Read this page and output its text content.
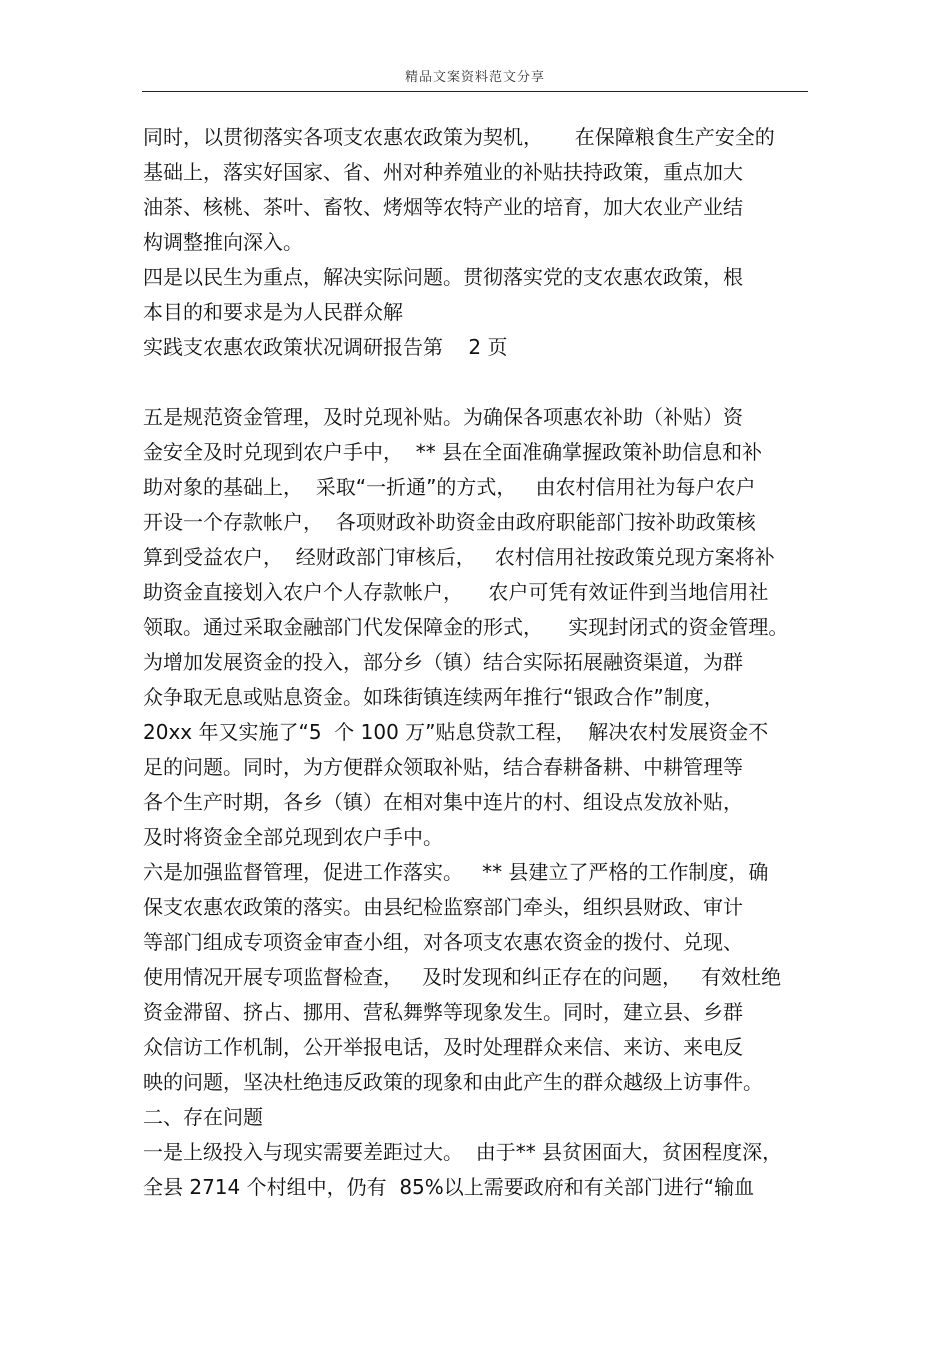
精品文案资料范文分享
同时，以贯彻落实各项支农惠农政策为契机，     在保障粮食生产安全的
基础上，落实好国家、省、州对种养殖业的补贴扶持政策，重点加大
油茶、核桃、茶叶、畜牧、烤烟等农特产业的培育，加大农业产业结
构调整推向深入。
四是以民生为重点，解决实际问题。贯彻落实党的支农惠农政策，根
本目的和要求是为人民群众解
实践支农惠农政策状况调研报告第    2 页
五是规范资金管理，及时兑现补贴。为确保各项惠农补助（补贴）资
金安全及时兑现到农户手中，  ** 县在全面准确掌握政策补助信息和补
助对象的基础上，  采取“一折通”的方式，   由农村信用社为每户农户
开设一个存款帐户，  各项财政补助资金由政府职能部门按补助政策核
算到受益农户，  经财政部门审核后，   农村信用社按政策兑现方案将补
助资金直接划入农户个人存款帐户，    农户可凭有效证件到当地信用社
领取。通过采取金融部门代发保障金的形式，    实现封闭式的资金管理。
为增加发展资金的投入，部分乡（镇）结合实际拓展融资渠道，为群
众争取无息或贴息资金。如珠街镇连续两年推行“银政合作”制度，
20xx 年又实施了“5  个 100 万”贴息贷款工程，  解决农村发展资金不
足的问题。同时，为方便群众领取补贴，结合春耕备耕、中耕管理等
各个生产时期，各乡（镇）在相对集中连片的村、组设点发放补贴，
及时将资金全部兑现到农户手中。
六是加强监督管理，促进工作落实。   ** 县建立了严格的工作制度，确
保支农惠农政策的落实。由县纪检监察部门牵头，组织县财政、审计
等部门组成专项资金审查小组，对各项支农惠农资金的拨付、兑现、
使用情况开展专项监督检查，   及时发现和纠正存在的问题，   有效杜绝
资金滞留、挤占、挪用、营私舞弊等现象发生。同时，建立县、乡群
众信访工作机制，公开举报电话，及时处理群众来信、来访、来电反
映的问题，坚决杜绝违反政策的现象和由此产生的群众越级上访事件。
二、存在问题
一是上级投入与现实需要差距过大。  由于** 县贫困面大，贫困程度深，
全县 2714 个村组中，仍有  85%以上需要政府和有关部门进行“输血
